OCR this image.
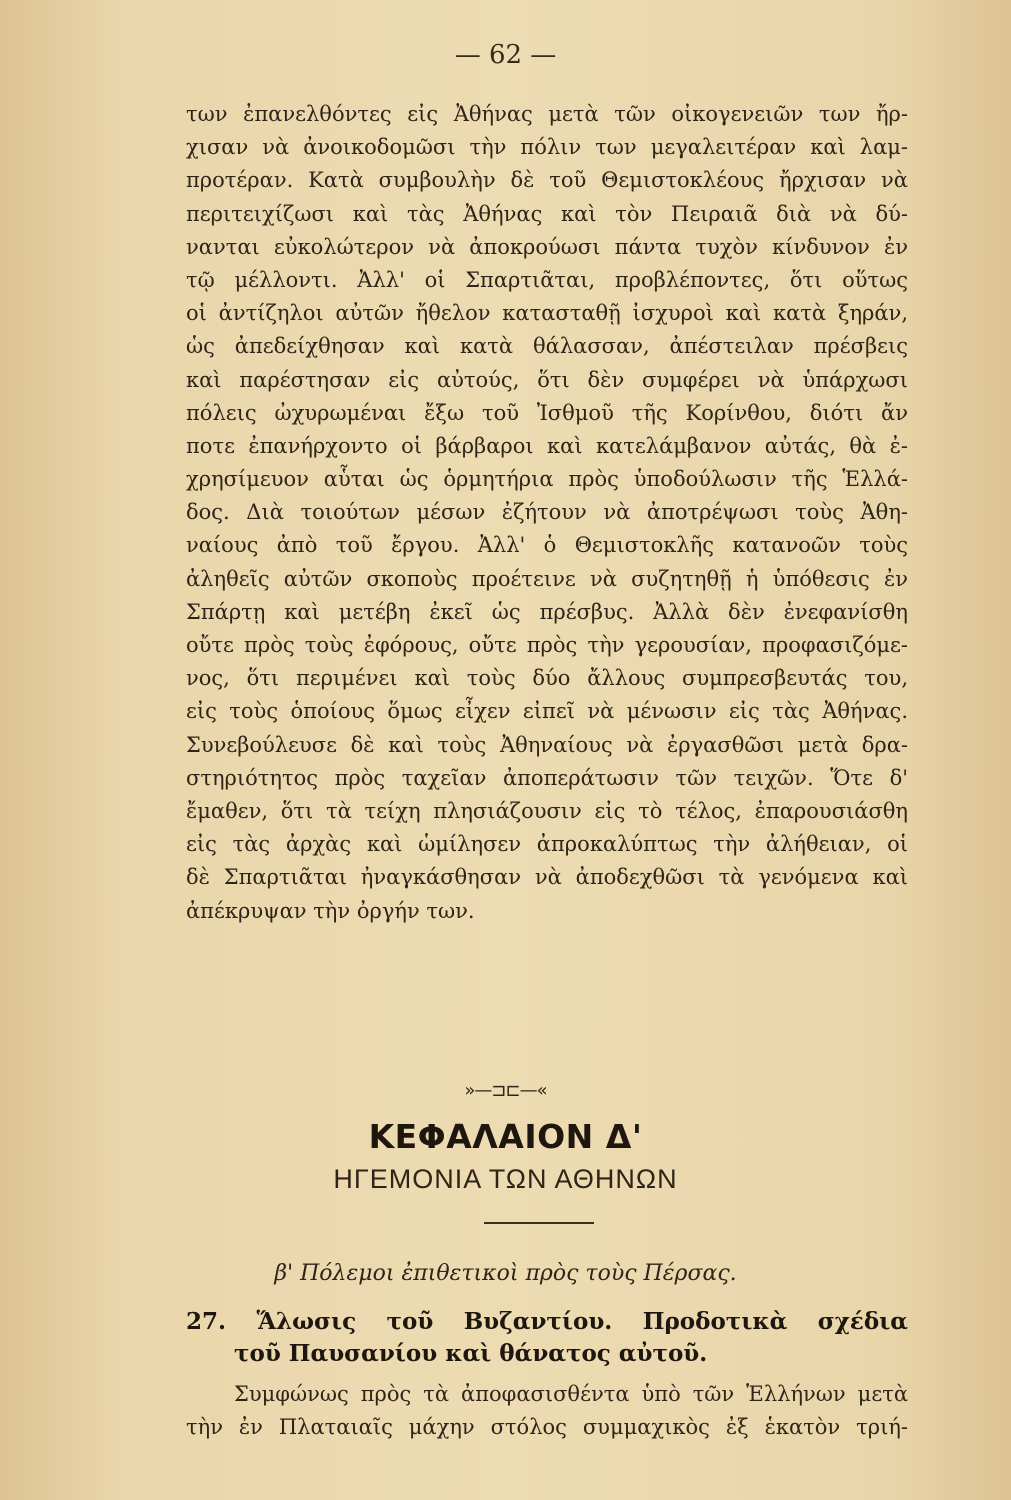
— 62 —
των ἐπανελθόντες εἰς Ἀθήνας μετὰ τῶν οἰκογενειῶν των ἤρ-
χισαν νὰ ἀνοικοδομῶσι τὴν πόλιν των μεγαλειτέραν καὶ λαμ-
προτέραν. Κατὰ συμβουλὴν δὲ τοῦ Θεμιστοκλέους ἤρχισαν νὰ
περιτειχίζωσι καὶ τὰς Ἀθήνας καὶ τὸν Πειραιᾶ διὰ νὰ δύ-
νανται εὐκολώτερον νὰ ἀποκρούωσι πάντα τυχὸν κίνδυνον ἐν
τῷ μέλλοντι. Ἀλλ' οἱ Σπαρτιᾶται, προβλέποντες, ὅτι οὕτως
οἱ ἀντίζηλοι αὐτῶν ἤθελον κατασταθῇ ἰσχυροὶ καὶ κατὰ ξηράν,
ὡς ἀπεδείχθησαν καὶ κατὰ θάλασσαν, ἀπέστειλαν πρέσβεις
καὶ παρέστησαν εἰς αὐτούς, ὅτι δὲν συμφέρει νὰ ὑπάρχωσι
πόλεις ὠχυρωμέναι ἔξω τοῦ Ἰσθμοῦ τῆς Κορίνθου, διότι ἄν
ποτε ἐπανήρχοντο οἱ βάρβαροι καὶ κατελάμβανον αὐτάς, θὰ ἐ-
χρησίμευον αὗται ὡς ὁρμητήρια πρὸς ὑποδούλωσιν τῆς Ἑλλά-
δος. Διὰ τοιούτων μέσων ἐζήτουν νὰ ἀποτρέψωσι τοὺς Ἀθη-
ναίους ἀπὸ τοῦ ἔργου. Ἀλλ' ὁ Θεμιστοκλῆς κατανοῶν τοὺς
ἀληθεῖς αὐτῶν σκοποὺς προέτεινε νὰ συζητηθῇ ἡ ὑπόθεσις ἐν
Σπάρτῃ καὶ μετέβη ἐκεῖ ὡς πρέσβυς. Ἀλλὰ δὲν ἐνεφανίσθη
οὔτε πρὸς τοὺς ἐφόρους, οὔτε πρὸς τὴν γερουσίαν, προφασιζόμε-
νος, ὅτι περιμένει καὶ τοὺς δύο ἄλλους συμπρεσβευτάς του,
εἰς τοὺς ὁποίους ὅμως εἶχεν εἰπεῖ νὰ μένωσιν εἰς τὰς Ἀθήνας.
Συνεβούλευσε δὲ καὶ τοὺς Ἀθηναίους νὰ ἐργασθῶσι μετὰ δρα-
στηριότητος πρὸς ταχεῖαν ἀποπεράτωσιν τῶν τειχῶν. Ὅτε δ'
ἔμαθεν, ὅτι τὰ τείχη πλησιάζουσιν εἰς τὸ τέλος, ἐπαρουσιάσθη
εἰς τὰς ἀρχὰς καὶ ὡμίλησεν ἀπροκαλύπτως τὴν ἀλήθειαν, οἱ
δὲ Σπαρτιᾶται ἠναγκάσθησαν νὰ ἀποδεχθῶσι τὰ γενόμενα καὶ
ἀπέκρυψαν τὴν ὀργήν των.
»—⊐⊏—«
ΚΕΦΑΛΑΙΟΝ Δ'
ΗΓΕΜΟΝΙΑ ΤΩΝ ΑΘΗΝΩΝ
β' Πόλεμοι ἐπιθετικοὶ πρὸς τοὺς Πέρσας.
27. Ἅλωσις τοῦ Βυζαντίου. Προδοτικὰ σχέδια
τοῦ Παυσανίου καὶ θάνατος αὐτοῦ.
Συμφώνως πρὸς τὰ ἀποφασισθέντα ὑπὸ τῶν Ἑλλήνων μετὰ
τὴν ἐν Πλαταιαῖς μάχην στόλος συμμαχικὸς ἐξ ἑκατὸν τριή-
